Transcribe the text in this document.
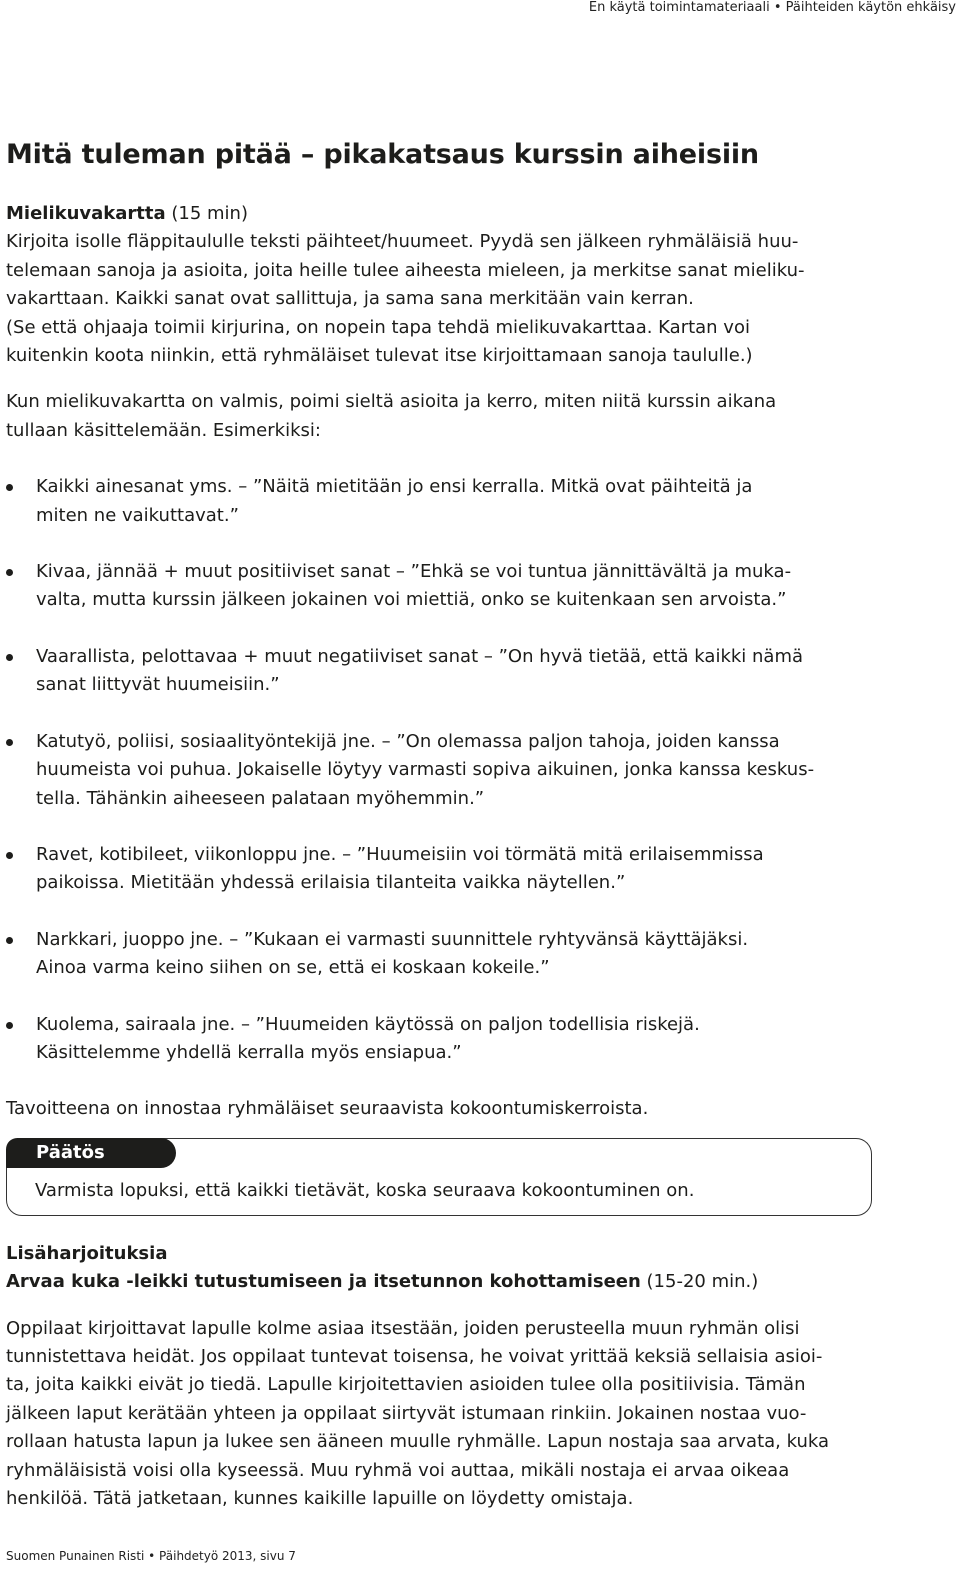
En käytä toimintamateriaali • Päihteiden käytön ehkäisy
Mitä tuleman pitää – pikakatsaus kurssin aiheisiin

Mielikuvakartta (15 min)

Kirjoita isolle fläppitaululle teksti päihteet/huumeet. Pyydä sen jälkeen ryhmäläisiä huu-

telemaan sanoja ja asioita, joita heille tulee aiheesta mieleen, ja merkitse sanat mieliku-

vakarttaan. Kaikki sanat ovat sallittuja, ja sama sana merkitään vain kerran.

(Se että ohjaaja toimii kirjurina, on nopein tapa tehdä mielikuvakarttaa. Kartan voi

kuitenkin koota niinkin, että ryhmäläiset tulevat itse kirjoittamaan sanoja taululle.)

Kun mielikuvakartta on valmis, poimi sieltä asioita ja kerro, miten niitä kurssin aikana

tullaan käsittelemään. Esimerkiksi:

Kaikki ainesanat yms. – ”Näitä mietitään jo ensi kerralla. Mitkä ovat päihteitä ja
miten ne vaikuttavat.”
Kivaa, jännää + muut positiiviset sanat – ”Ehkä se voi tuntua jännittävältä ja muka-
valta, mutta kurssin jälkeen jokainen voi miettiä, onko se kuitenkaan sen arvoista.”
Vaarallista, pelottavaa + muut negatiiviset sanat – ”On hyvä tietää, että kaikki nämä
sanat liittyvät huumeisiin.”
Katutyö, poliisi, sosiaalityöntekijä jne. – ”On olemassa paljon tahoja, joiden kanssa
huumeista voi puhua. Jokaiselle löytyy varmasti sopiva aikuinen, jonka kanssa keskus-
tella. Tähänkin aiheeseen palataan myöhemmin.”
Ravet, kotibileet, viikonloppu jne. – ”Huumeisiin voi törmätä mitä erilaisemmissa
paikoissa. Mietitään yhdessä erilaisia tilanteita vaikka näytellen.”
Narkkari, juoppo jne. – ”Kukaan ei varmasti suunnittele ryhtyvänsä käyttäjäksi.
Ainoa varma keino siihen on se, että ei koskaan kokeile.”
Kuolema, sairaala jne. – ”Huumeiden käytössä on paljon todellisia riskejä.
Käsittelemme yhdellä kerralla myös ensiapua.”

Tavoitteena on innostaa ryhmäläiset seuraavista kokoontumiskerroista.

Päätös
Varmista lopuksi, että kaikki tietävät, koska seuraava kokoontuminen on.

Lisäharjoituksia

Arvaa kuka -leikki tutustumiseen ja itsetunnon kohottamiseen (15-20 min.)

Oppilaat kirjoittavat lapulle kolme asiaa itsestään, joiden perusteella muun ryhmän olisi

tunnistettava heidät. Jos oppilaat tuntevat toisensa, he voivat yrittää keksiä sellaisia asioi-

ta, joita kaikki eivät jo tiedä. Lapulle kirjoitettavien asioiden tulee olla positiivisia. Tämän

jälkeen laput kerätään yhteen ja oppilaat siirtyvät istumaan rinkiin. Jokainen nostaa vuo-

rollaan hatusta lapun ja lukee sen ääneen muulle ryhmälle. Lapun nostaja saa arvata, kuka

ryhmäläisistä voisi olla kyseessä. Muu ryhmä voi auttaa, mikäli nostaja ei arvaa oikeaa

henkilöä. Tätä jatketaan, kunnes kaikille lapuille on löydetty omistaja.

Suomen Punainen Risti • Päihdetyö 2013, sivu 7
